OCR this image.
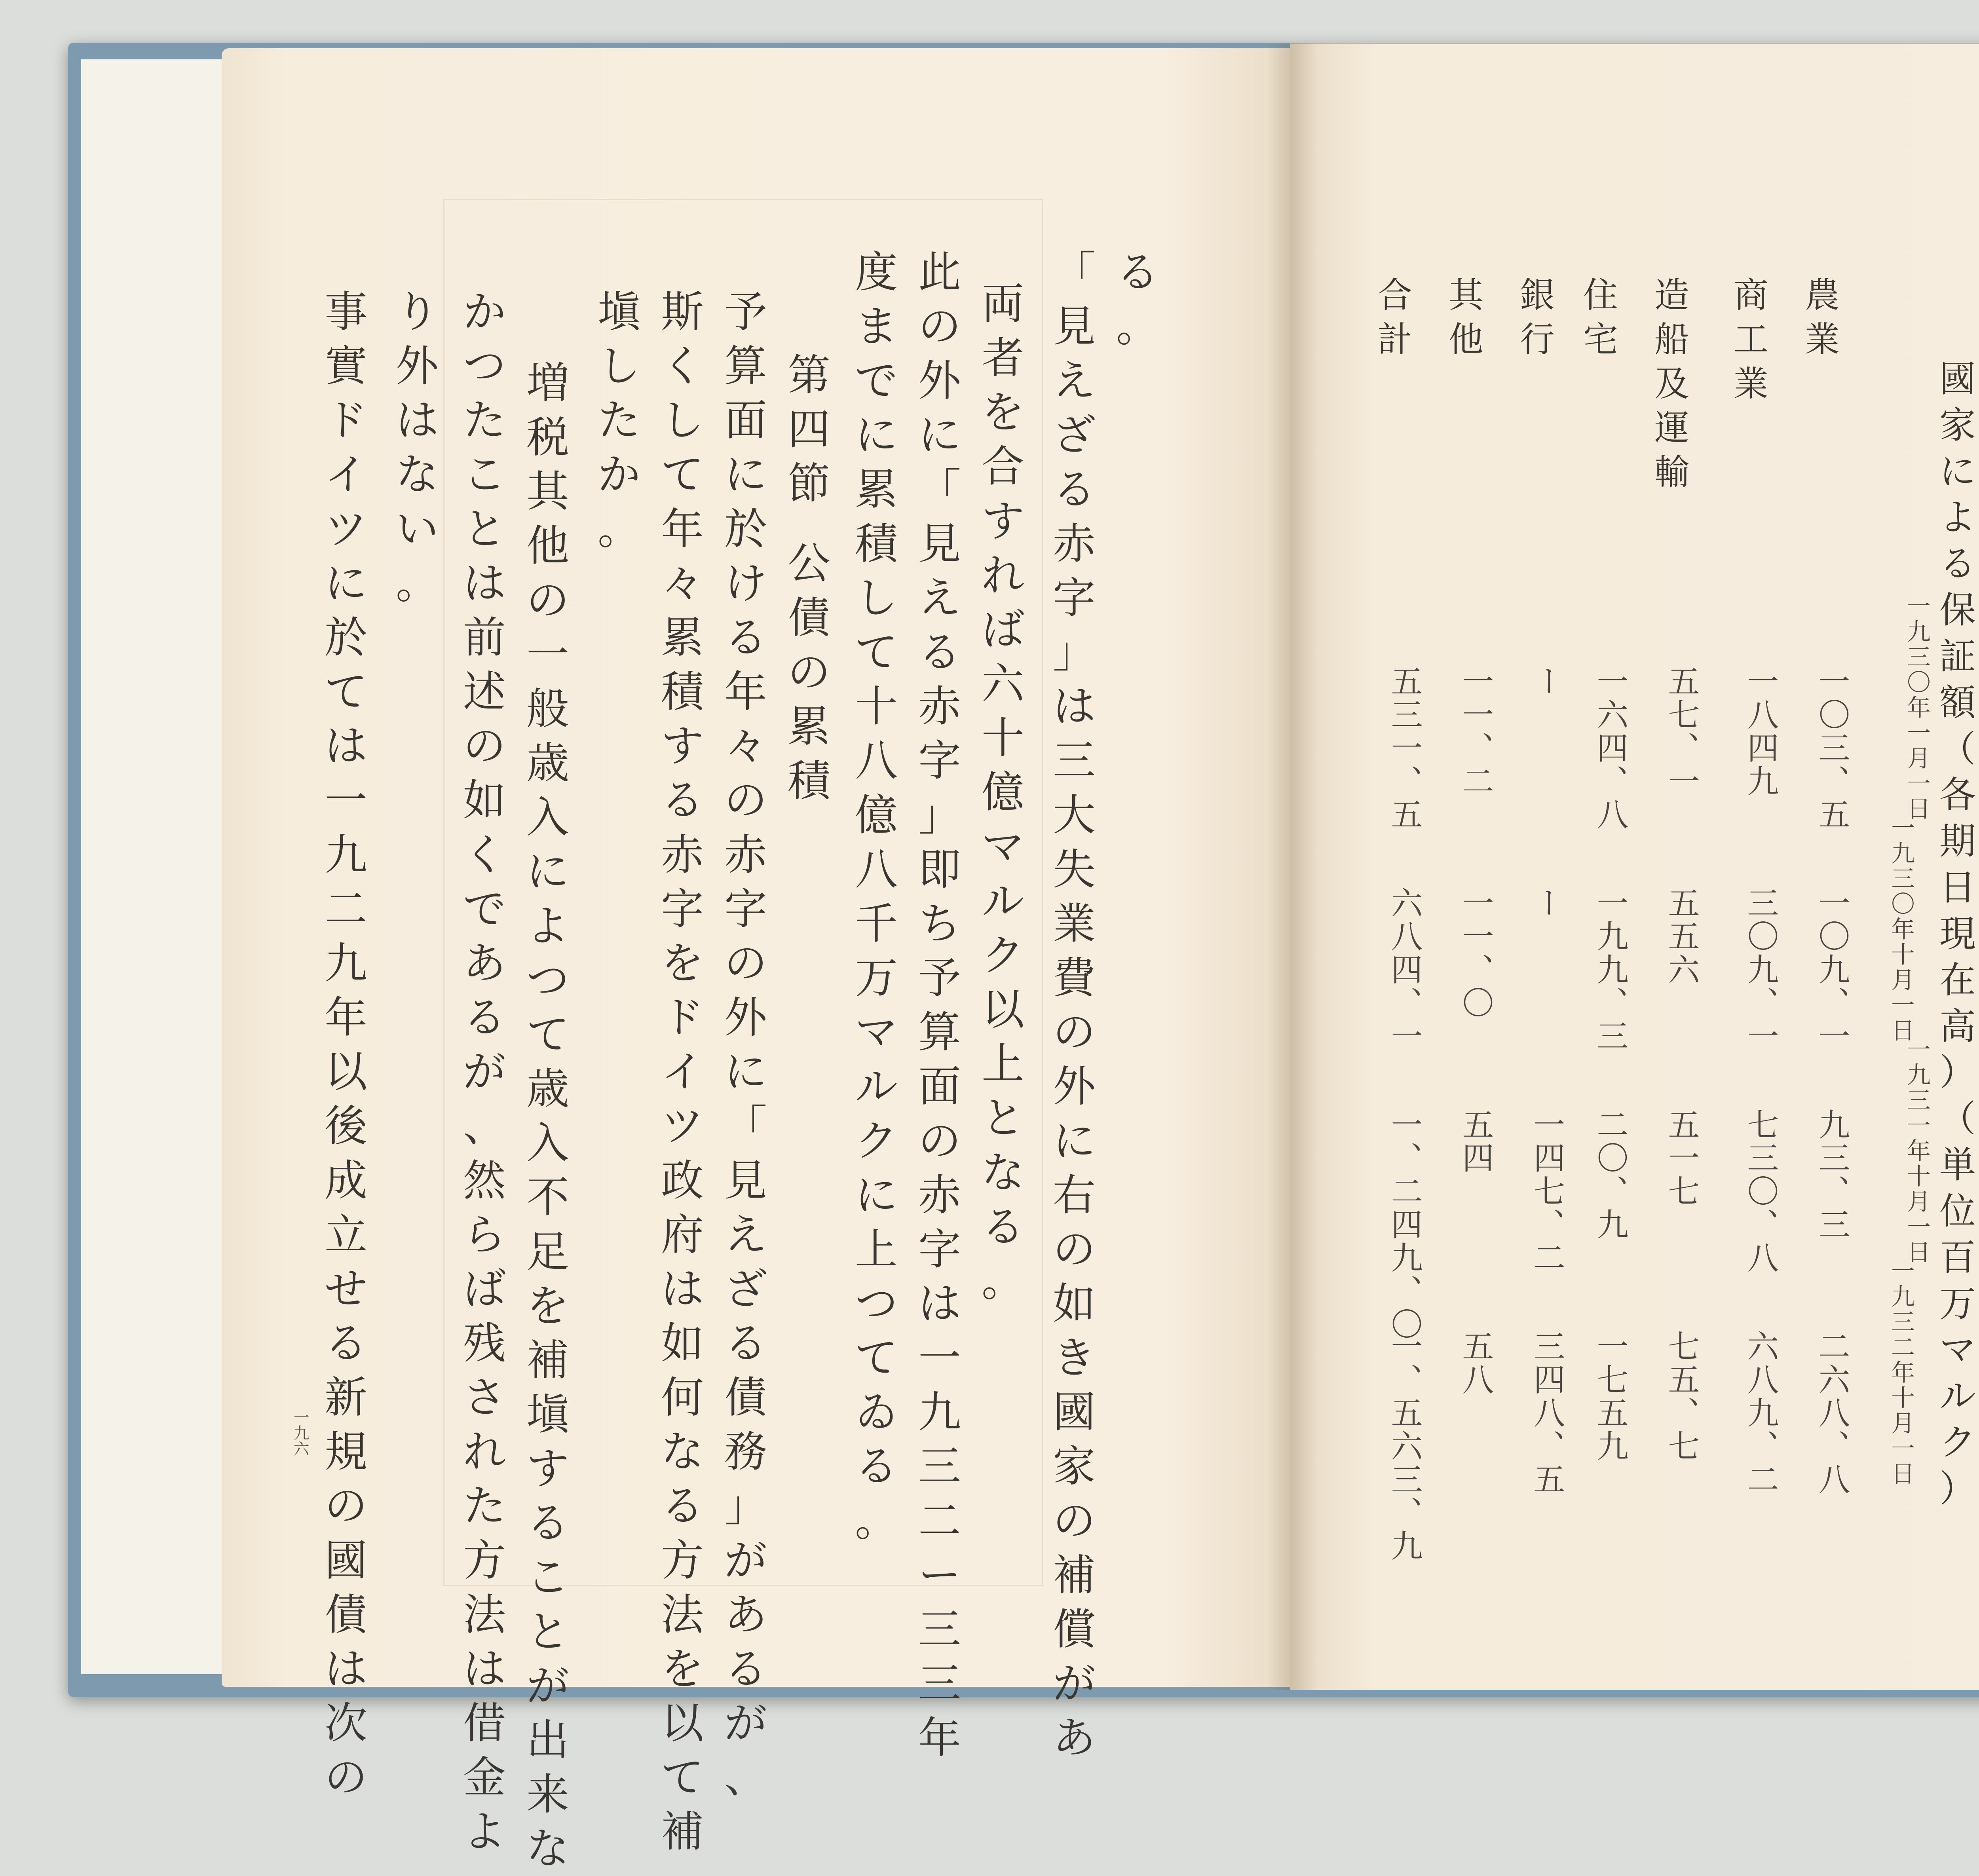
一九六
る
。
「
見
え
ざ
る
赤
字
」
は
三
大
失
業
費
の
外
に
右
の
如
き
國
家
の
補
償
が
あ
両
者
を
合
す
れ
ば
六
十
億
マ
ル
ク
以
上
と
な
る
。
此
の
外
に
「
見
え
る
赤
字
」
即
ち
予
算
面
の
赤
字
は
一
九
三
二
ー
三
三
年
度
ま
で
に
累
積
し
て
十
八
億
八
千
万
マ
ル
ク
に
上
つ
て
ゐ
る
。
第
四
節
公
債
の
累
積
予
算
面
に
於
け
る
年
々
の
赤
字
の
外
に
「
見
え
ざ
る
債
務
」
が
あ
る
が
、
斯
く
し
て
年
々
累
積
す
る
赤
字
を
ド
イ
ツ
政
府
は
如
何
な
る
方
法
を
以
て
補
塡
し
た
か
。
増
税
其
他
の
一
般
歳
入
に
よ
つ
て
歳
入
不
足
を
補
塡
す
る
こ
と
が
出
来
な
か
つ
た
こ
と
は
前
述
の
如
く
で
あ
る
が
、
然
ら
ば
残
さ
れ
た
方
法
は
借
金
よ
り
外
は
な
い
。
事
實
ド
イ
ツ
に
於
て
は
一
九
二
九
年
以
後
成
立
せ
る
新
規
の
國
債
は
次
の
國
家
に
よ
る
保
証
額
（
各
期
日
現
在
高
）
（
単
位
百
万
マ
ル
ク
）
一九三〇年一月一日
一九三〇年十月一日
一九三一年十月一日
一九三二年十月一日
農
業
一〇三、五
一〇九、一
九三、三
二六八、八
商
工
業
一八四九
三〇九、一
七三〇、八
六八九、二
造
船
及
運
輸
五七、一
五五六
五一七
七五、七
住
宅
一六四、八
一九九、三
二〇、九
一七五九
銀
行
ー
ー
一四七、二
三四八、五
其
他
一一、二
一一、〇
五四
五八
合
計
五三一、五
六八四、一
一、二四九、〇
一、五六三、九
